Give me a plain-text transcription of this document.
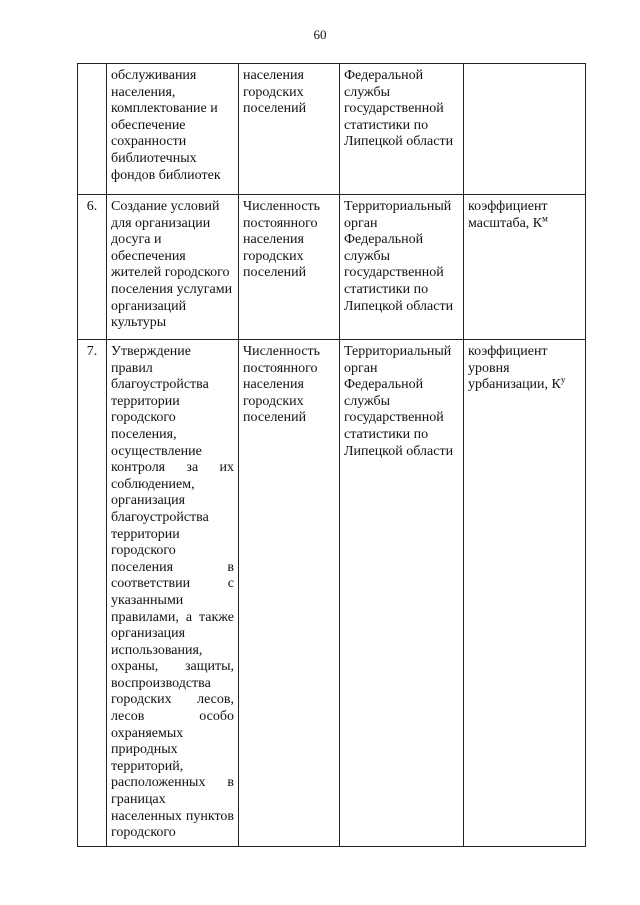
60
	обслуживания населения, комплектование и обеспечение сохранности библиотечных фондов библиотек	населения городских поселений	Федеральной службы государственной статистики по Липецкой области	
6.	Создание условий для организации досуга и обеспечения жителей городского поселения услугами организаций культуры	Численность постоянного населения городских поселений	Территориальный орган Федеральной службы государственной статистики по Липецкой области	коэффициент масштаба, $К^м$
7.	Утверждение правил благоустройства территории городского поселения, осуществление контроля за их соблюдением, организация благоустройства территории городского поселения в соответствии с указанными правилами, а также организация использования, охраны, защиты, воспроизводства городских лесов, лесов особо охраняемых природных территорий, расположенных в границах населенных пунктов городского	Численность постоянного населения городских поселений	Территориальный орган Федеральной службы государственной статистики по Липецкой области	коэффициент уровня урбанизации, $К^у$
